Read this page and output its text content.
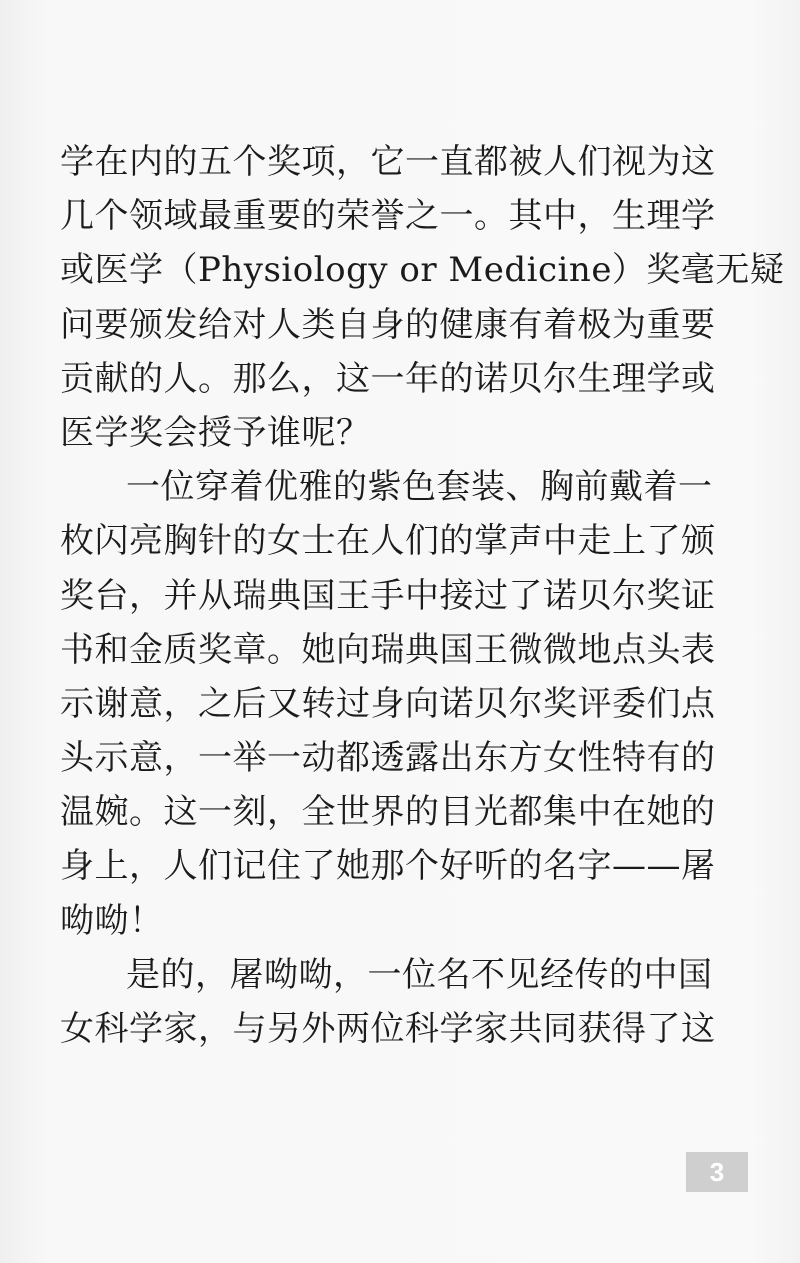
学在内的五个奖项，它一直都被人们视为这
几个领域最重要的荣誉之一。其中，生理学
或医学（Physiology or Medicine）奖毫无疑
问要颁发给对人类自身的健康有着极为重要
贡献的人。那么，这一年的诺贝尔生理学或
医学奖会授予谁呢？
一位穿着优雅的紫色套装、胸前戴着一
枚闪亮胸针的女士在人们的掌声中走上了颁
奖台，并从瑞典国王手中接过了诺贝尔奖证
书和金质奖章。她向瑞典国王微微地点头表
示谢意，之后又转过身向诺贝尔奖评委们点
头示意，一举一动都透露出东方女性特有的
温婉。这一刻，全世界的目光都集中在她的
身上，人们记住了她那个好听的名字——屠
呦呦！
是的，屠呦呦，一位名不见经传的中国
女科学家，与另外两位科学家共同获得了这
3
